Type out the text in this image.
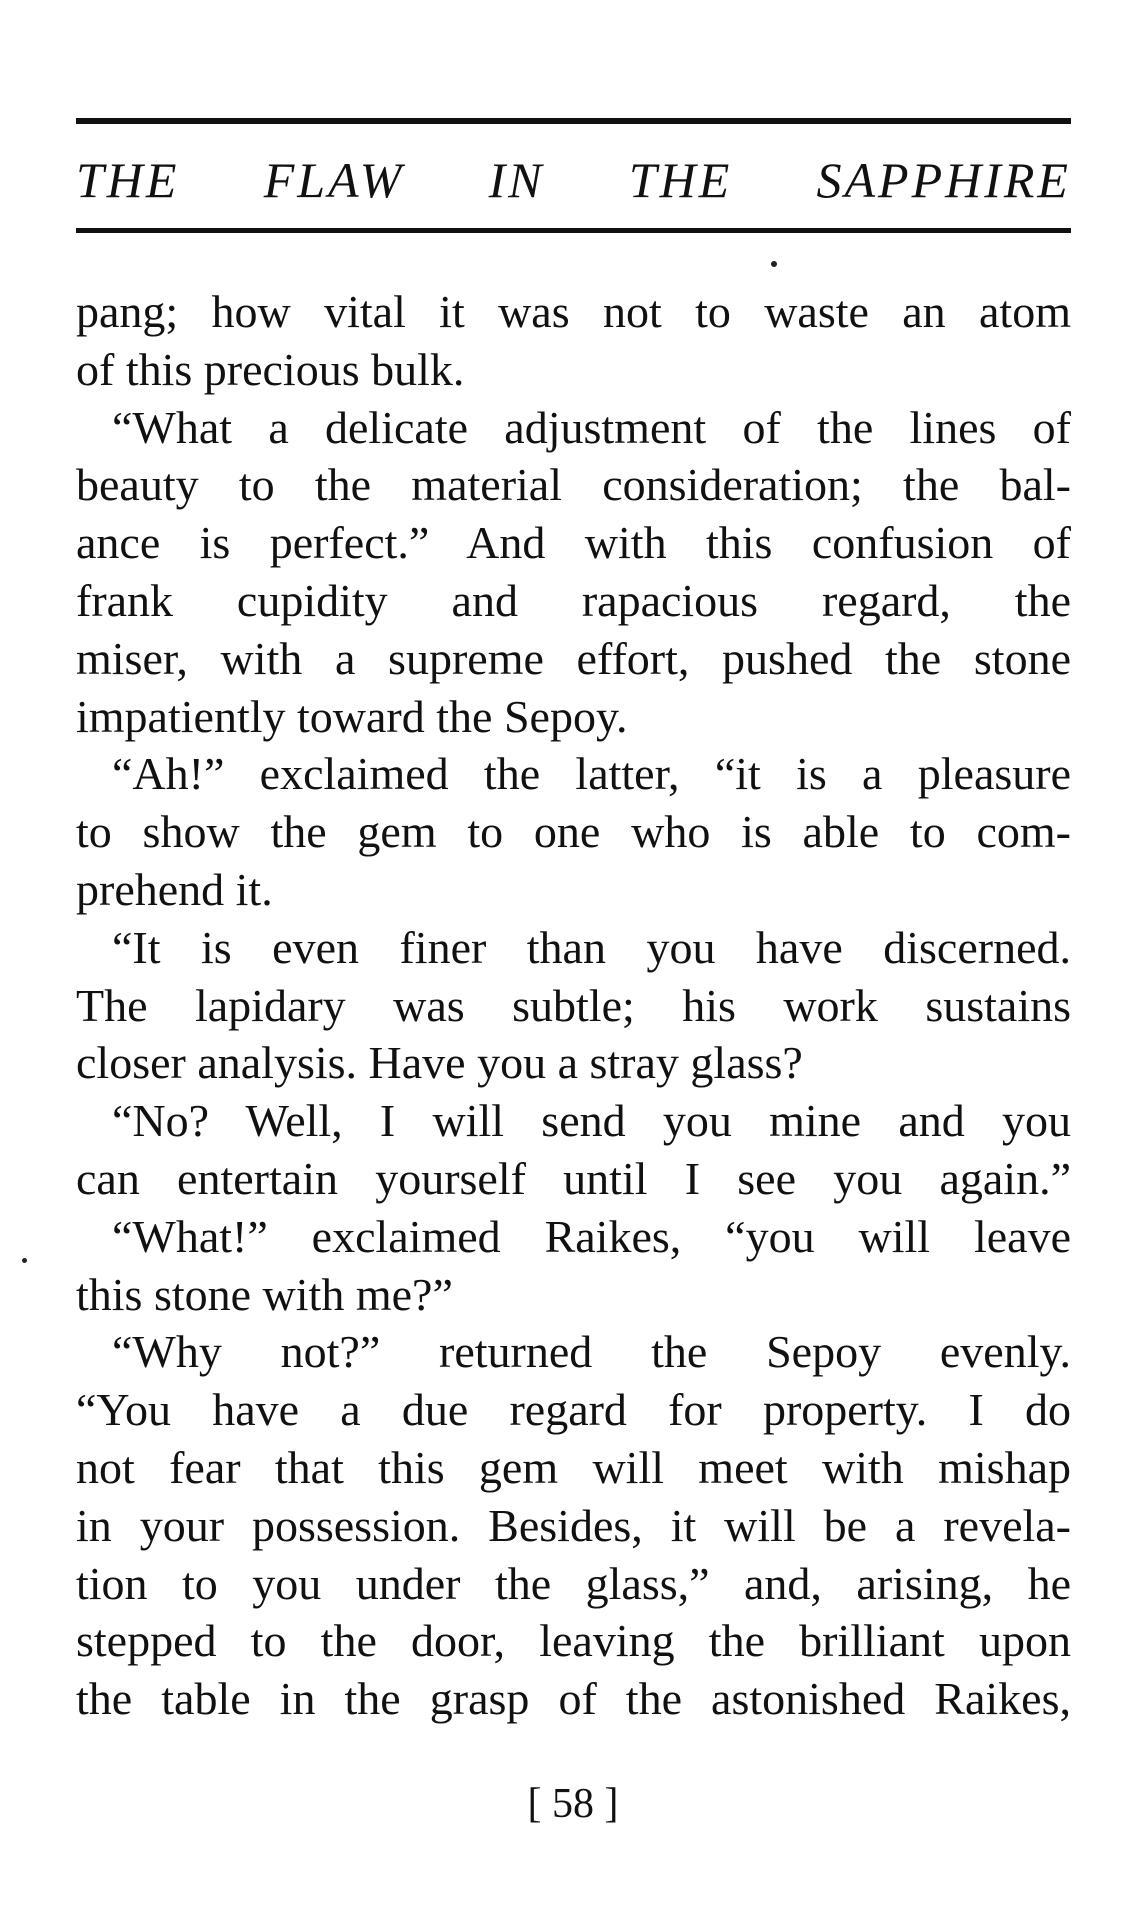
THE FLAW IN THE SAPPHIRE
pang; how vital it was not to waste an atom
of this precious bulk.
“What a delicate adjustment of the lines of
beauty to the material consideration; the bal-
ance is perfect.” And with this confusion of
frank cupidity and rapacious regard, the
miser, with a supreme effort, pushed the stone
impatiently toward the Sepoy.
“Ah!” exclaimed the latter, “it is a pleasure
to show the gem to one who is able to com-
prehend it.
“It is even finer than you have discerned.
The lapidary was subtle; his work sustains
closer analysis. Have you a stray glass?
“No? Well, I will send you mine and you
can entertain yourself until I see you again.”
“What!” exclaimed Raikes, “you will leave
this stone with me?”
“Why not?” returned the Sepoy evenly.
“You have a due regard for property. I do
not fear that this gem will meet with mishap
in your possession. Besides, it will be a revela-
tion to you under the glass,” and, arising, he
stepped to the door, leaving the brilliant upon
the table in the grasp of the astonished Raikes,
[ 58 ]
